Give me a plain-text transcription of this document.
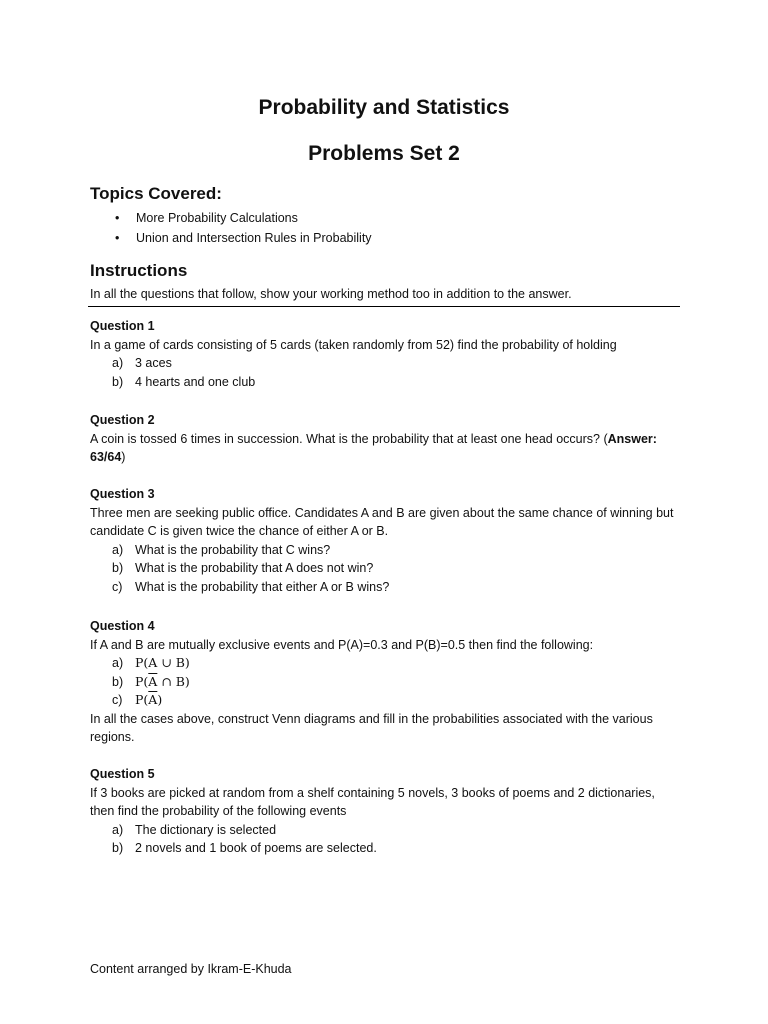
Probability and Statistics
Problems Set 2
Topics Covered:
• More Probability Calculations
• Union and Intersection Rules in Probability
Instructions
In all the questions that follow, show your working method too in addition to the answer.
Question 1
In a game of cards consisting of 5 cards (taken randomly from 52) find the probability of holding
a) 3 aces
b) 4 hearts and one club
Question 2
A coin is tossed 6 times in succession. What is the probability that at least one head occurs? (Answer: 63/64)
Question 3
Three men are seeking public office. Candidates A and B are given about the same chance of winning but candidate C is given twice the chance of either A or B.
a) What is the probability that C wins?
b) What is the probability that A does not win?
c) What is the probability that either A or B wins?
Question 4
If A and B are mutually exclusive events and P(A)=0.3 and P(B)=0.5 then find the following:
a) P(A ∪ B)
b) $P(\overline{A}$ ∩ B)
c) $P(\overline{A})$
In all the cases above, construct Venn diagrams and fill in the probabilities associated with the various regions.
Question 5
If 3 books are picked at random from a shelf containing 5 novels, 3 books of poems and 2 dictionaries, then find the probability of the following events
a) The dictionary is selected
b) 2 novels and 1 book of poems are selected.
Content arranged by Ikram-E-Khuda
